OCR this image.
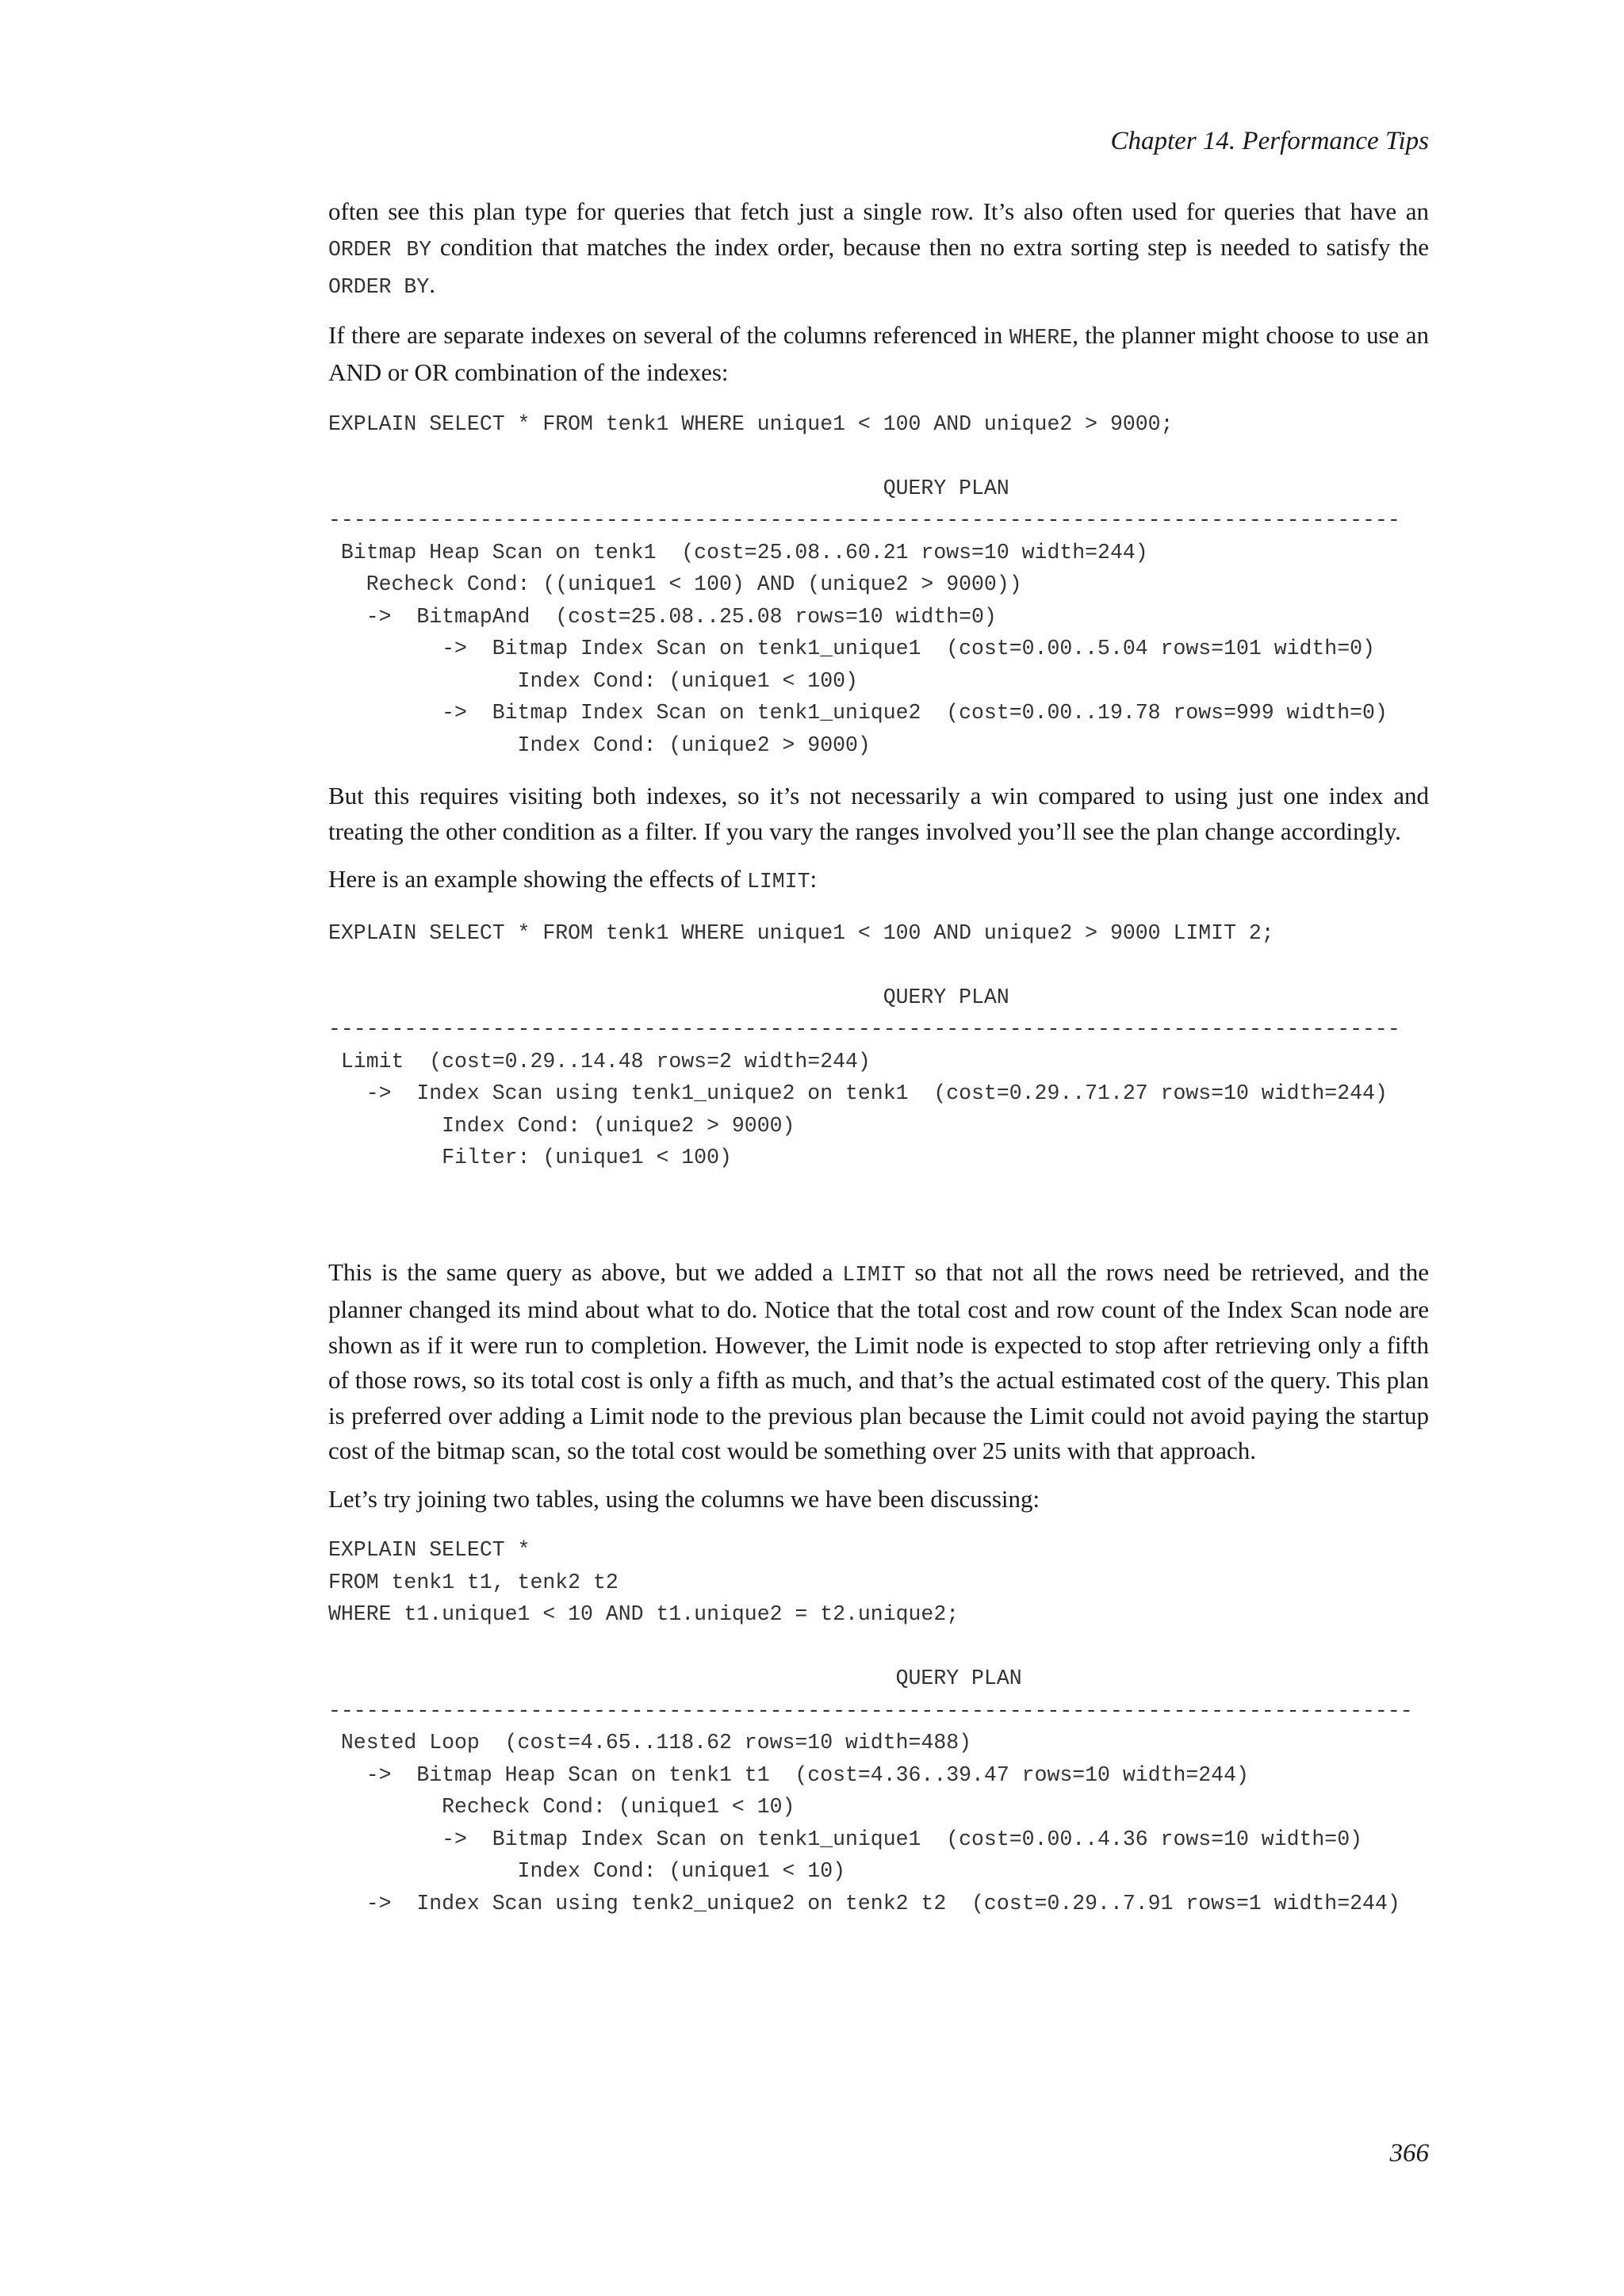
Chapter 14. Performance Tips

often see this plan type for queries that fetch just a single row. It’s also often used for queries that have an ORDER BY condition that matches the index order, because then no extra sorting step is needed to satisfy the ORDER BY.

If there are separate indexes on several of the columns referenced in WHERE, the planner might choose to use an AND or OR combination of the indexes:

EXPLAIN SELECT * FROM tenk1 WHERE unique1 < 100 AND unique2 > 9000;

QUERY PLAN
-------------------------------------------------------------------------------------
Bitmap Heap Scan on tenk1  (cost=25.08..60.21 rows=10 width=244)
Recheck Cond: ((unique1 < 100) AND (unique2 > 9000))
->  BitmapAnd  (cost=25.08..25.08 rows=10 width=0)
->  Bitmap Index Scan on tenk1_unique1  (cost=0.00..5.04 rows=101 width=0)
Index Cond: (unique1 < 100)
->  Bitmap Index Scan on tenk1_unique2  (cost=0.00..19.78 rows=999 width=0)
Index Cond: (unique2 > 9000)

But this requires visiting both indexes, so it’s not necessarily a win compared to using just one index and treating the other condition as a filter. If you vary the ranges involved you’ll see the plan change accordingly.

Here is an example showing the effects of LIMIT:

EXPLAIN SELECT * FROM tenk1 WHERE unique1 < 100 AND unique2 > 9000 LIMIT 2;

QUERY PLAN
-------------------------------------------------------------------------------------
Limit  (cost=0.29..14.48 rows=2 width=244)
->  Index Scan using tenk1_unique2 on tenk1  (cost=0.29..71.27 rows=10 width=244)
Index Cond: (unique2 > 9000)
Filter: (unique1 < 100)

This is the same query as above, but we added a LIMIT so that not all the rows need be retrieved, and the planner changed its mind about what to do. Notice that the total cost and row count of the Index Scan node are shown as if it were run to completion. However, the Limit node is expected to stop after retrieving only a fifth of those rows, so its total cost is only a fifth as much, and that’s the actual estimated cost of the query. This plan is preferred over adding a Limit node to the previous plan because the Limit could not avoid paying the startup cost of the bitmap scan, so the total cost would be something over 25 units with that approach.

Let’s try joining two tables, using the columns we have been discussing:

EXPLAIN SELECT *
FROM tenk1 t1, tenk2 t2
WHERE t1.unique1 < 10 AND t1.unique2 = t2.unique2;

QUERY PLAN
--------------------------------------------------------------------------------------
Nested Loop  (cost=4.65..118.62 rows=10 width=488)
->  Bitmap Heap Scan on tenk1 t1  (cost=4.36..39.47 rows=10 width=244)
Recheck Cond: (unique1 < 10)
->  Bitmap Index Scan on tenk1_unique1  (cost=0.00..4.36 rows=10 width=0)
Index Cond: (unique1 < 10)
->  Index Scan using tenk2_unique2 on tenk2 t2  (cost=0.29..7.91 rows=1 width=244)
366
